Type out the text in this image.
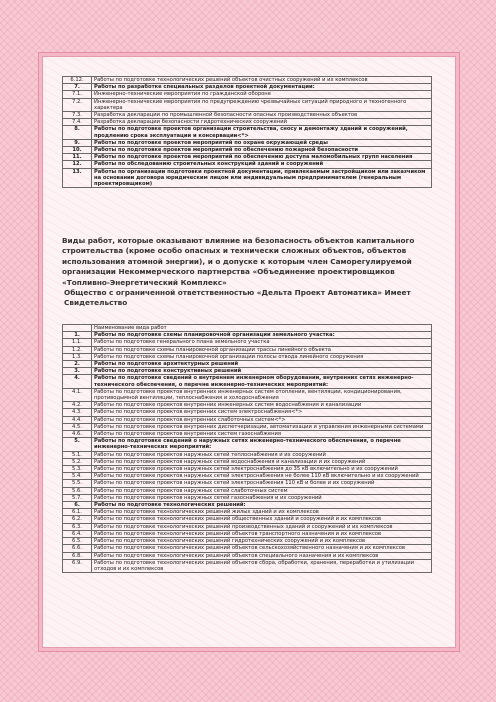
6.12.	Работы по подготовке технологических решений объектов очистных сооружений и их комплексов
7.	Работы по разработке специальных разделов проектной документации:
7.1.	Инженерно-технические мероприятия по гражданской обороне
7.2.	Инженерно-технические мероприятия по предупреждению чрезвычайных ситуаций природного и техногенного характера
7.3.	Разработка декларации по промышленной безопасности опасных производственных объектов
7.4.	Разработка декларации безопасности гидротехнических сооружений
8.	Работы по подготовке проектов организации строительства, сносу и демонтажу зданий и сооружений, продлению срока эксплуатации и консервации<*>
9.	Работы по подготовке проектов мероприятий по охране окружающей среды
10.	Работы по подготовке проектов мероприятий по обеспечению пожарной безопасности
11.	Работы по подготовке проектов мероприятий по обеспечению доступа маломобильных групп населения
12.	Работы по обследованию строительных конструкций зданий и сооружений
13.	Работы по организации подготовки проектной документации, привлекаемым застройщиком или заказчиком на основании договора юридическим лицом или индивидуальным предпринимателем (генеральным проектировщиком)
Виды работ, которые оказывают влияние на безопасность объектов капитального строительства (кроме особо опасных и технически сложных объектов, объектов использования атомной энергии), и о допуске к которым член Саморегулируемой организации Некоммерческого партнерства «Объединение проектировщиков «Топливно-Энергетический Комплекс»
Общество с ограниченной ответственностью «Дельта Проект Автоматика» Имеет Свидетельство
	Наименование вида работ
1.	Работы по подготовке схемы планировочной организации земельного участка:
1.1.	Работы по подготовке генерального плана земельного участка
1.2.	Работы по подготовке схемы планировочной организации трассы линейного объекта
1.3.	Работы по подготовке схемы планировочной организации полосы отвода линейного сооружения
2.	Работы по подготовке архитектурных решений
3.	Работы по подготовке конструктивных решений
4.	Работы по подготовке сведений о внутреннем инженерном оборудовании, внутренних сетях инженерно-технического обеспечения, о перечне инженерно-технических мероприятий:
4.1.	Работы по подготовке проектов внутренних инженерных систем отопления, вентиляции, кондиционирования, противодымной вентиляции, теплоснабжения и холодоснабжения
4.2.	Работы по подготовке проектов внутренних инженерных систем водоснабжения и канализации
4.3.	Работы по подготовке проектов внутренних систем электроснабжения<*>
4.4.	Работы по подготовке проектов внутренних слаботочных систем<*>
4.5.	Работы по подготовке проектов внутренних диспетчеризации, автоматизации и управления инженерными системами
4.6.	Работы по подготовке проектов внутренних систем газоснабжения
5.	Работы по подготовке сведений о наружных сетях инженерно-технического обеспечения, о перечне инженерно-технических мероприятий:
5.1.	Работы по подготовке проектов наружных сетей теплоснабжения и их сооружений
5.2.	Работы по подготовке проектов наружных сетей водоснабжения и канализации и их сооружений
5.3.	Работы по подготовке проектов наружных сетей электроснабжения до 35 кВ включительно и их сооружений
5.4.	Работы по подготовке проектов наружных сетей электроснабжения не более 110 кВ включительно и их сооружений
5.5.	Работы по подготовке проектов наружных сетей электроснабжения 110 кВ и более и их сооружений
5.6.	Работы по подготовке проектов наружных сетей слаботочных систем
5.7.	Работы по подготовке проектов наружных сетей газоснабжения и их сооружений
6.	Работы по подготовке технологических решений:
6.1.	Работы по подготовке технологических решений жилых зданий и их комплексов
6.2.	Работы по подготовке технологических решений общественных зданий и сооружений и их комплексов
6.3.	Работы по подготовке технологических решений производственных зданий и сооружений и их комплексов
6.4.	Работы по подготовке технологических решений объектов транспортного назначения и их комплексов
6.5.	Работы по подготовке технологических решений гидротехнических сооружений и их комплексов
6.6.	Работы по подготовке технологических решений объектов сельскохозяйственного назначения и их комплексов
6.8.	Работы по подготовке технологических решений объектов специального назначения и их комплексов
6.9.	Работы по подготовке технологических решений объектов сбора, обработки, хранения, переработки и утилизации отходов и их комплексов
